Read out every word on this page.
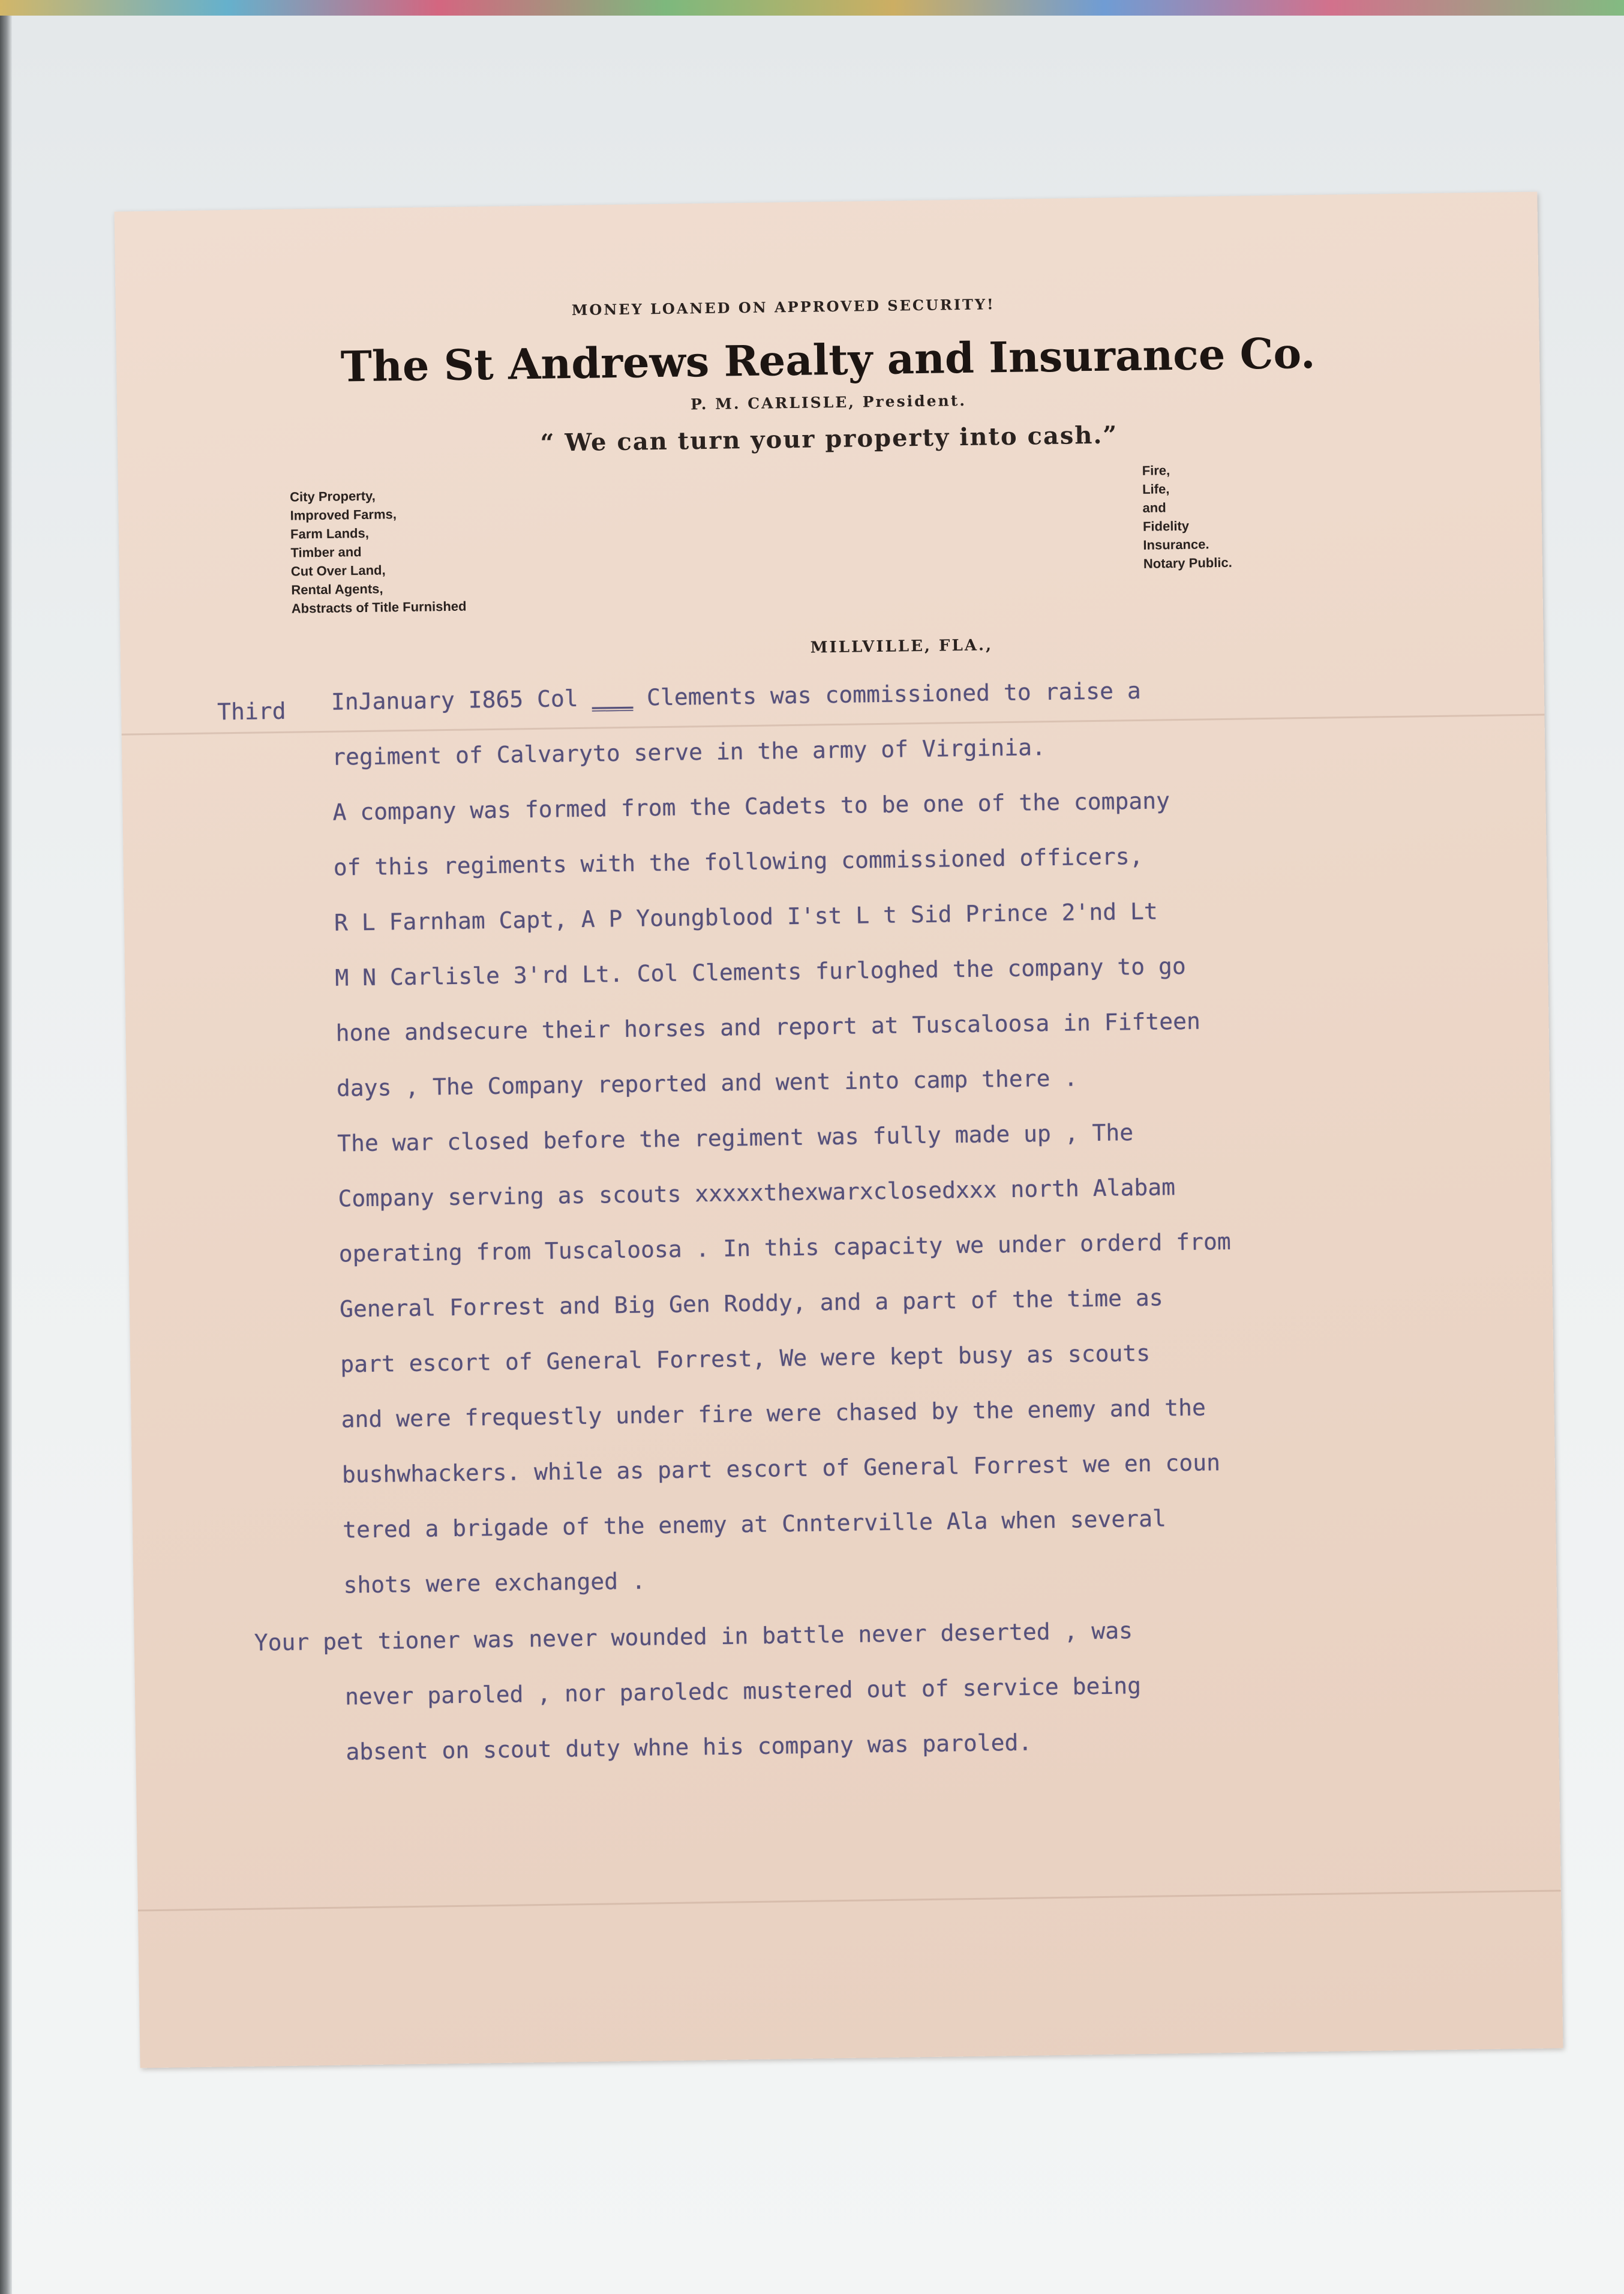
​
MONEY LOANED ON APPROVED SECURITY!
The St Andrews Realty and Insurance Co.
P. M. CARLISLE, President.
“ We can turn your property into cash.”
City Property,
Improved Farms,
Farm Lands,
Timber and
Cut Over Land,
Rental Agents,
Abstracts of Title Furnished
Fire,
Life,
and
Fidelity
Insurance.
Notary Public.
MILLVILLE, FLA.,
Third InJanuary I865 Col ___ Clements was commissioned to raise a
regiment of Calvaryto serve in the army of Virginia.
A company was formed from the Cadets to be one of the company
of this regiments with the following commissioned officers,
R L Farnham Capt, A P Youngblood I'st L t Sid Prince 2'nd Lt
M N Carlisle 3'rd Lt. Col Clements furloghed the company to go
hone andsecure their horses and report at Tuscaloosa in Fifteen
days , The Company reported and went into camp there .
The war closed before the regiment was fully made up , The
Company serving as scouts xxxxxthexwarxclosedxxx north Alabam
operating from Tuscaloosa . In this capacity we under orderd from
General Forrest and Big Gen Roddy, and a part of the time as
part escort of General Forrest, We were kept busy as scouts
and were frequestly under fire were chased by the enemy and the
bushwhackers. while as part escort of General Forrest we en coun
tered a brigade of the enemy at Cnnterville Ala when several
shots were exchanged .
Your pet tioner was never wounded in battle never deserted , was
never paroled , nor paroledc mustered out of service being
absent on scout duty whne his company was paroled.
